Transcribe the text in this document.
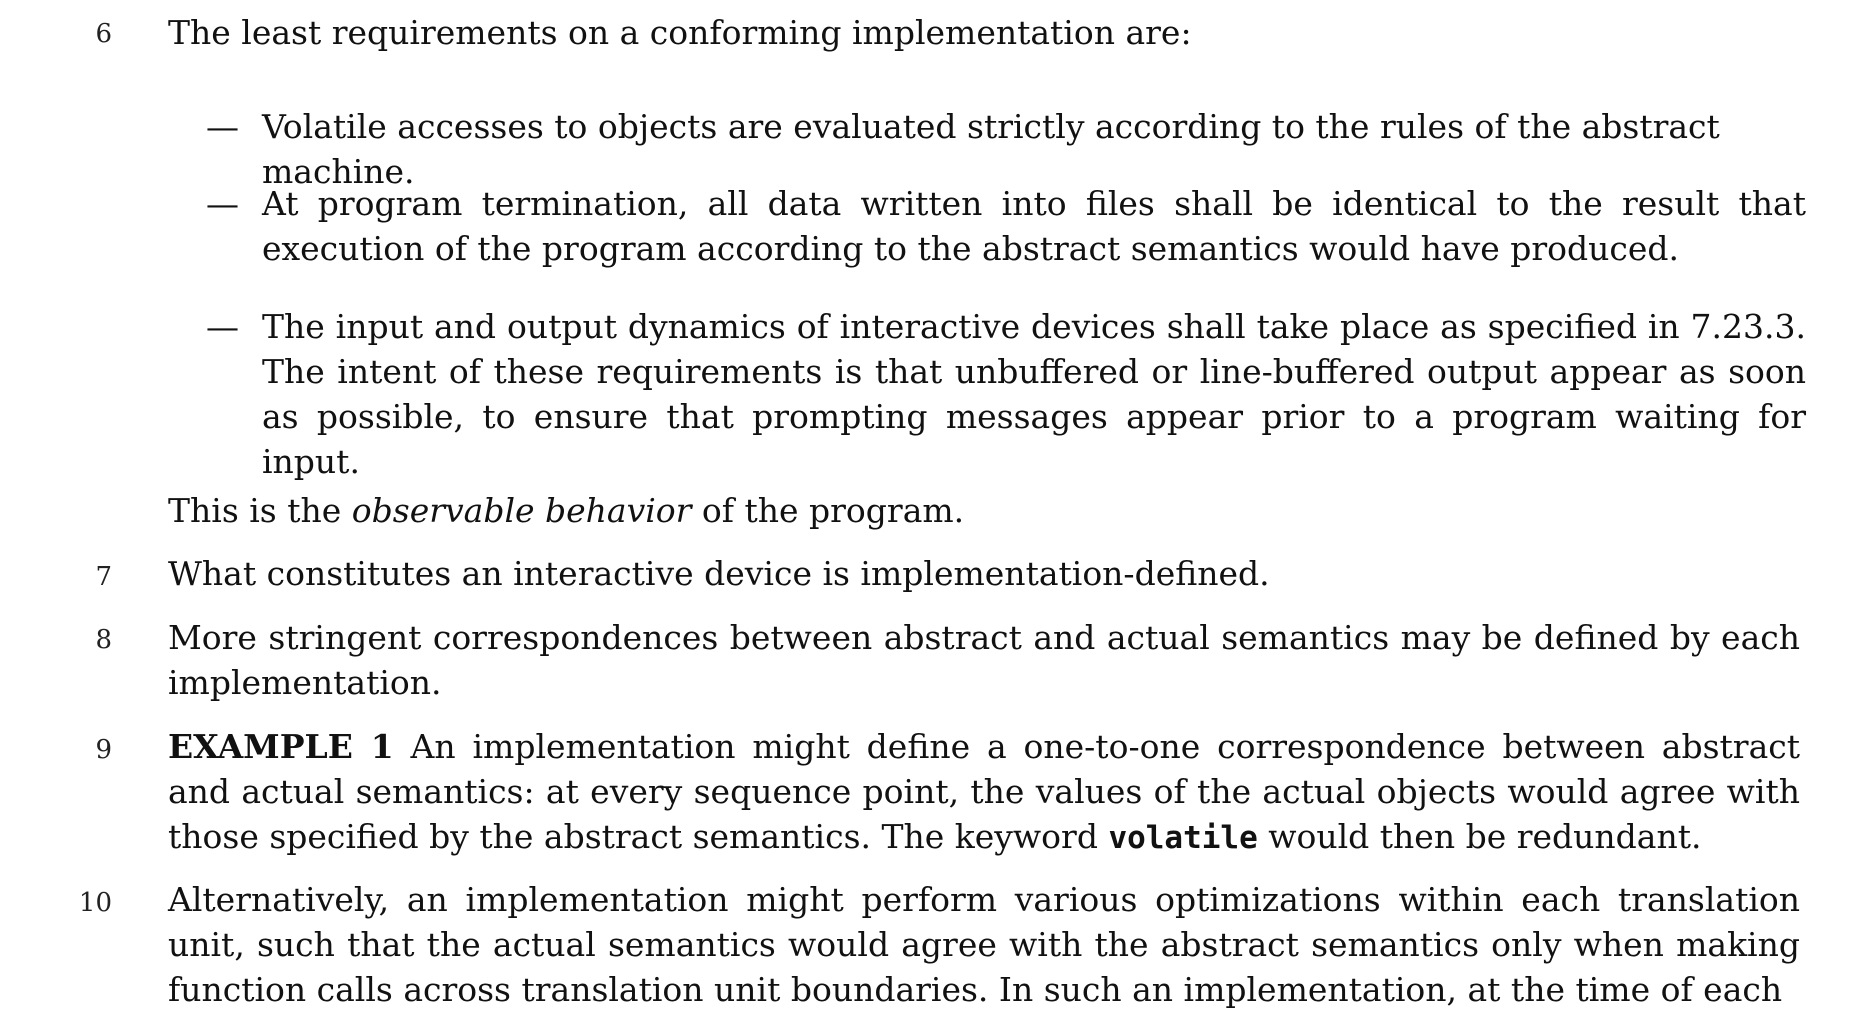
6 The least requirements on a conforming implementation are:

— Volatile accesses to objects are evaluated strictly according to the rules of the abstract machine.
— At program termination, all data written into files shall be identical to the result that execution of the program according to the abstract semantics would have produced.
— The input and output dynamics of interactive devices shall take place as specified in 7.23.3. The intent of these requirements is that unbuffered or line-buffered output appear as soon as possible, to ensure that prompting messages appear prior to a program waiting for input.

This is the observable behavior of the program.

7 What constitutes an interactive device is implementation-defined.

8 More stringent correspondences between abstract and actual semantics may be defined by each implementation.

9 EXAMPLE 1 An implementation might define a one-to-one correspondence between abstract and actual semantics: at every sequence point, the values of the actual objects would agree with those specified by the abstract semantics. The keyword volatile would then be redundant.

10 Alternatively, an implementation might perform various optimizations within each translation unit, such that the actual semantics would agree with the abstract semantics only when making function calls across translation unit boundaries. In such an implementation, at the time of each
